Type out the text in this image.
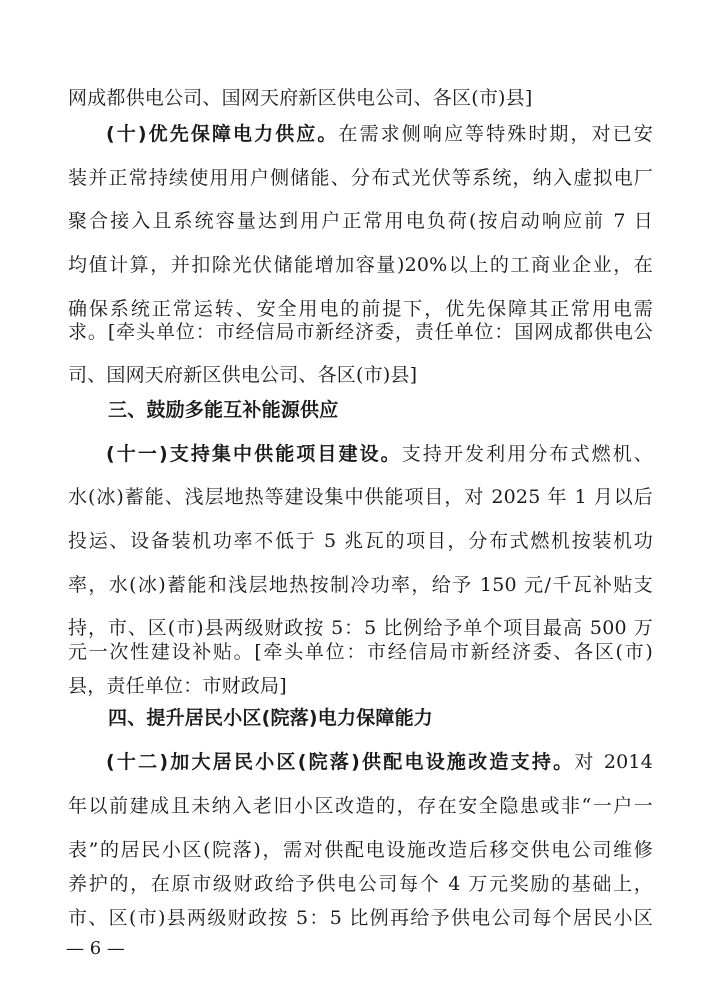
网成都供电公司、国网天府新区供电公司、各区(市)县]
(十)优先保障电力供应。在需求侧响应等特殊时期，对已安
装并正常持续使用用户侧储能、分布式光伏等系统，纳入虚拟电厂
聚合接入且系统容量达到用户正常用电负荷(按启动响应前 7 日
均值计算，并扣除光伏储能增加容量)20%以上的工商业企业，在
确保系统正常运转、安全用电的前提下，优先保障其正常用电需
求。[牵头单位：市经信局市新经济委，责任单位：国网成都供电公
司、国网天府新区供电公司、各区(市)县]
三、鼓励多能互补能源供应
(十一)支持集中供能项目建设。支持开发利用分布式燃机、
水(冰)蓄能、浅层地热等建设集中供能项目，对 2025 年 1 月以后
投运、设备装机功率不低于 5 兆瓦的项目，分布式燃机按装机功
率，水(冰)蓄能和浅层地热按制冷功率，给予 150 元/千瓦补贴支
持，市、区(市)县两级财政按 5：5 比例给予单个项目最高 500 万
元一次性建设补贴。[牵头单位：市经信局市新经济委、各区(市)
县，责任单位：市财政局]
四、提升居民小区(院落)电力保障能力
(十二)加大居民小区(院落)供配电设施改造支持。对 2014
年以前建成且未纳入老旧小区改造的，存在安全隐患或非“一户一
表”的居民小区(院落)，需对供配电设施改造后移交供电公司维修
养护的，在原市级财政给予供电公司每个 4 万元奖励的基础上，
市、区(市)县两级财政按 5：5 比例再给予供电公司每个居民小区
— 6 —
